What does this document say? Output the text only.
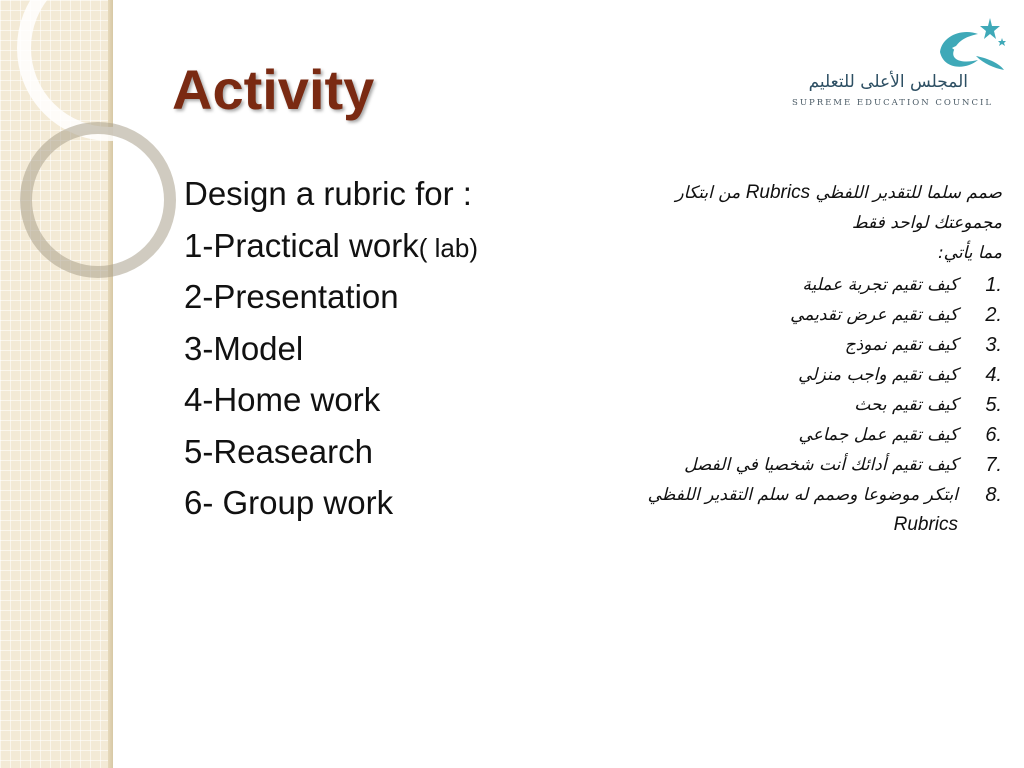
Activity	المجلس الأعلى للتعليم
SUPREME EDUCATION COUNCIL
Design a rubric for :
1-Practical work( lab)
2-Presentation
3-Model
4-Home work
5-Reasearch
6- Group work
صمم سلما للتقدير اللفظي Rubrics من ابتكار
مجموعتك لواحد فقط
مما يأتي:
1.
كيف تقيم تجربة عملية
2.
كيف تقيم عرض تقديمي
3.
كيف تقيم نموذج
4.
كيف تقيم واجب منزلي
5.
كيف تقيم بحث
6.
كيف تقيم عمل جماعي
7.
كيف تقيم أدائك أنت شخصيا في الفصل
8.
ابتكر موضوعا وصمم له سلم التقدير اللفظي
Rubrics
